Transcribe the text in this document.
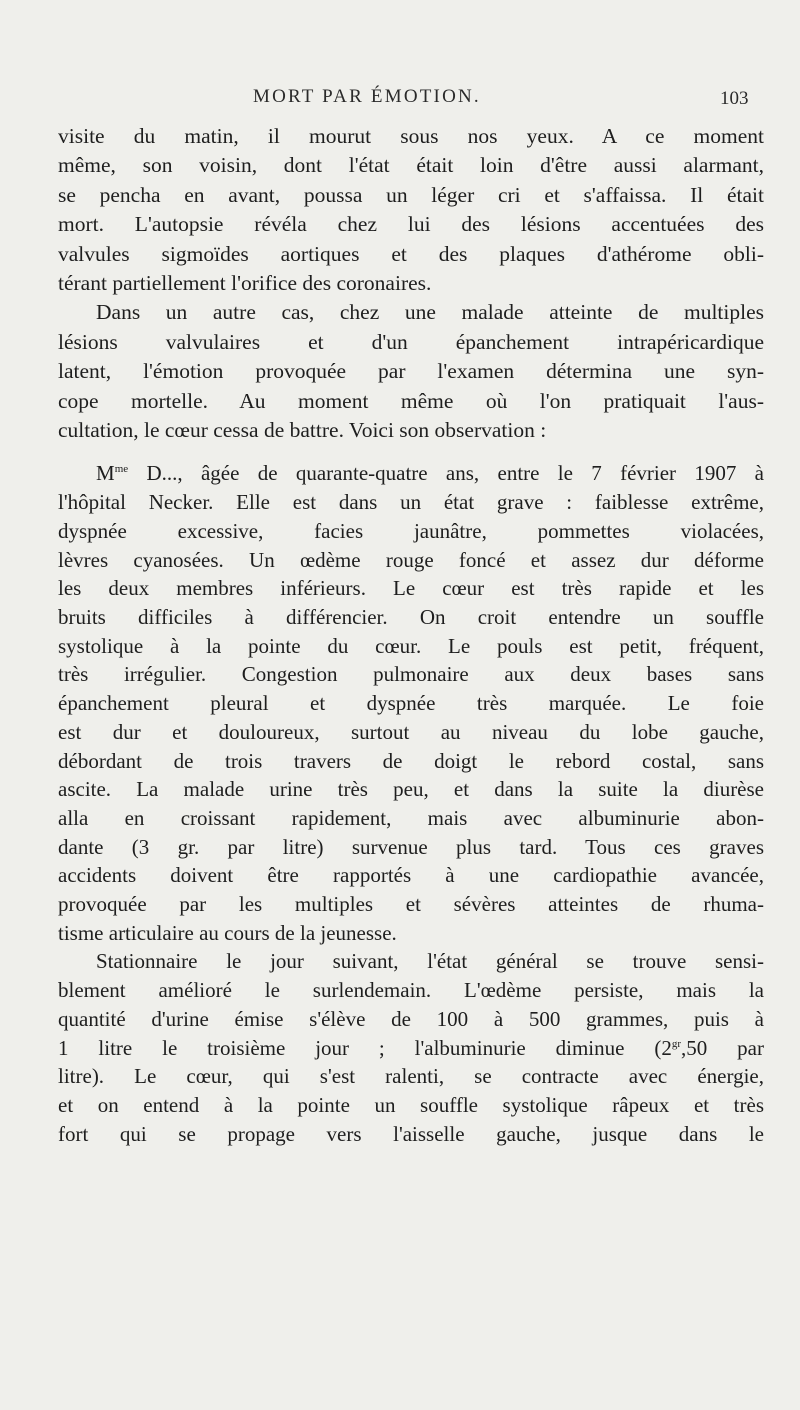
MORT PAR ÉMOTION.	103
visite du matin, il mourut sous nos yeux. A ce moment
même, son voisin, dont l'état était loin d'être aussi alarmant,
se pencha en avant, poussa un léger cri et s'affaissa. Il était
mort. L'autopsie révéla chez lui des lésions accentuées des
valvules sigmoïdes aortiques et des plaques d'athérome obli-
térant partiellement l'orifice des coronaires.
Dans un autre cas, chez une malade atteinte de multiples
lésions valvulaires et d'un épanchement intrapéricardique
latent, l'émotion provoquée par l'examen détermina une syn-
cope mortelle. Au moment même où l'on pratiquait l'aus-
cultation, le cœur cessa de battre. Voici son observation :
$M^{me}$ D..., âgée de quarante-quatre ans, entre le 7 février 1907 à
l'hôpital Necker. Elle est dans un état grave : faiblesse extrême,
dyspnée excessive, facies jaunâtre, pommettes violacées,
lèvres cyanosées. Un œdème rouge foncé et assez dur déforme
les deux membres inférieurs. Le cœur est très rapide et les
bruits difficiles à différencier. On croit entendre un souffle
systolique à la pointe du cœur. Le pouls est petit, fréquent,
très irrégulier. Congestion pulmonaire aux deux bases sans
épanchement pleural et dyspnée très marquée. Le foie
est dur et douloureux, surtout au niveau du lobe gauche,
débordant de trois travers de doigt le rebord costal, sans
ascite. La malade urine très peu, et dans la suite la diurèse
alla en croissant rapidement, mais avec albuminurie abon-
dante (3 gr. par litre) survenue plus tard. Tous ces graves
accidents doivent être rapportés à une cardiopathie avancée,
provoquée par les multiples et sévères atteintes de rhuma-
tisme articulaire au cours de la jeunesse.
Stationnaire le jour suivant, l'état général se trouve sensi-
blement amélioré le surlendemain. L'œdème persiste, mais la
quantité d'urine émise s'élève de 100 à 500 grammes, puis à
1 litre le troisième jour ; l'albuminurie diminue ($2^{gr},50$ par
litre). Le cœur, qui s'est ralenti, se contracte avec énergie,
et on entend à la pointe un souffle systolique râpeux et très
fort qui se propage vers l'aisselle gauche, jusque dans le
